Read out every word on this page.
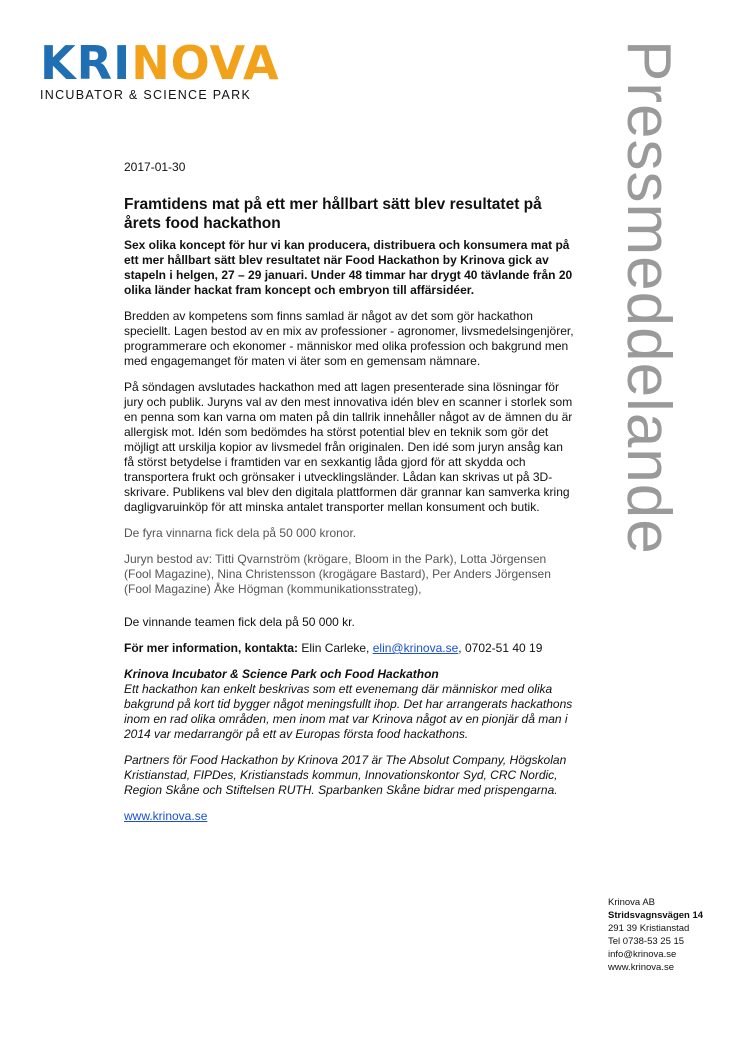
KRINOVA
INCUBATOR & SCIENCE PARK	Pressmeddelande
2017-01-30
Framtidens mat på ett mer hållbart sätt blev resultatet på årets food hackathon

Sex olika koncept för hur vi kan producera, distribuera och konsumera mat på ett mer hållbart sätt blev resultatet när Food Hackathon by Krinova gick av stapeln i helgen, 27 – 29 januari. Under 48 timmar har drygt 40 tävlande från 20 olika länder hackat fram koncept och embryon till affärsidéer.

Bredden av kompetens som finns samlad är något av det som gör hackathon speciellt. Lagen bestod av en mix av professioner - agronomer, livsmedelsingenjörer, programmerare och ekonomer - människor med olika profession och bakgrund men med engagemanget för maten vi äter som en gemensam nämnare.

På söndagen avslutades hackathon med att lagen presenterade sina lösningar för jury och publik. Juryns val av den mest innovativa idén blev en scanner i storlek som en penna som kan varna om maten på din tallrik innehåller något av de ämnen du är allergisk mot. Idén som bedömdes ha störst potential blev en teknik som gör det möjligt att urskilja kopior av livsmedel från originalen. Den idé som juryn ansåg kan få störst betydelse i framtiden var en sexkantig låda gjord för att skydda och transportera frukt och grönsaker i utvecklingsländer. Lådan kan skrivas ut på 3D-skrivare. Publikens val blev den digitala plattformen där grannar kan samverka kring dagligvaruinköp för att minska antalet transporter mellan konsument och butik.

De fyra vinnarna fick dela på 50 000 kronor.

Juryn bestod av: Titti Qvarnström (krögare, Bloom in the Park), Lotta Jörgensen (Fool Magazine), Nina Christensson (krogägare Bastard), Per Anders Jörgensen (Fool Magazine) Åke Högman (kommunikationsstrateg),

De vinnande teamen fick dela på 50 000 kr.

För mer information, kontakta: Elin Carleke, elin@krinova.se, 0702-51 40 19

Krinova Incubator & Science Park och Food Hackathon

Ett hackathon kan enkelt beskrivas som ett evenemang där människor med olika bakgrund på kort tid bygger något meningsfullt ihop. Det har arrangerats hackathons inom en rad olika områden, men inom mat var Krinova något av en pionjär då man i 2014 var medarrangör på ett av Europas första food hackathons.

Partners för Food Hackathon by Krinova 2017 är The Absolut Company, Högskolan Kristianstad, FIPDes, Kristianstads kommun, Innovationskontor Syd, CRC Nordic, Region Skåne och Stiftelsen RUTH. Sparbanken Skåne bidrar med prispengarna.

www.krinova.se

Krinova AB
Stridsvagnsvägen 14
291 39 Kristianstad
Tel 0738-53 25 15
info@krinova.se
www.krinova.se
